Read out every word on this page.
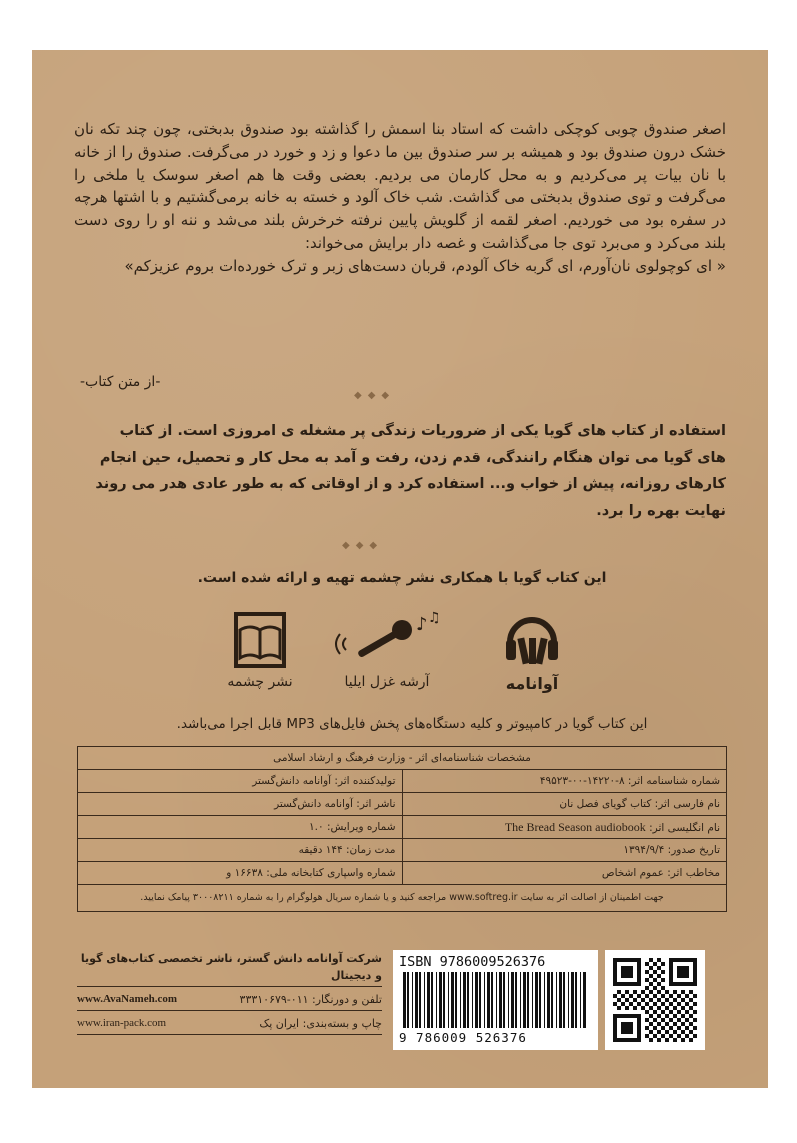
اصغر صندوق چوبی کوچکی داشت که استاد بنا اسمش را گذاشته بود صندوق بدبختی، چون چند تکه نان خشک درون صندوق بود و همیشه بر سر صندوق بین ما دعوا و زد و خورد در می‌گرفت. صندوق را از خانه با نان بیات پر می‌کردیم و به محل کارمان می بردیم. بعضی وقت ها هم اصغر سوسک یا ملخی را می‌گرفت و توی صندوق بدبختی می گذاشت. شب خاک آلود و خسته به خانه برمی‌گشتیم و با اشتها هرچه در سفره بود می خوردیم. اصغر لقمه از گلویش پایین نرفته خرخرش بلند می‌شد و ننه او را روی دست بلند می‌کرد و می‌برد توی جا می‌گذاشت و غصه دار برایش می‌خواند:

« ای کوچولوی نان‌آورم، ای گربه خاک آلودم، قربان دست‌های زبر و ترک خورده‌ات بروم عزیزکم»

-از متن کتاب-
◆◆◆

استفاده از کتاب های گویا یکی از ضروریات زندگی پر مشغله ی امروزی است. از کتاب های گویا می توان هنگام رانندگی، قدم زدن، رفت و آمد به محل کار و تحصیل، حین انجام کارهای روزانه، پیش از خواب و... استفاده کرد و از اوقاتی که به طور عادی هدر می روند نهایت بهره را برد.

◆◆◆
این کتاب گویا با همکاری نشر چشمه تهیه و ارائه شده است.
آوانامه
♪ ♫
آرشه غزل ایلیا
نشر چشمه
این کتاب گویا در کامپیوتر و کلیه دستگاه‌های پخش فایل‌های MP3 قابل اجرا می‌باشد.
مشخصات شناسنامه‌ای اثر - وزارت فرهنگ و ارشاد اسلامی
شماره شناسنامه اثر: ۸-۱۴۲۲۰-۰۰-۴۹۵۲۳
تولیدکننده اثر: آوانامه دانش‌گستر
نام فارسی اثر: کتاب گویای فصل نان
ناشر اثر: آوانامه دانش‌گستر
نام انگلیسی اثر: The Bread Season audiobook
شماره ویرایش: ۱.۰
تاریخ صدور: ۱۳۹۴/۹/۴
مدت زمان: ۱۴۴ دقیقه
مخاطب اثر: عموم اشخاص
شماره واسپاری کتابخانه ملی: ۱۶۶۳۸ و
جهت اطمینان از اصالت اثر به سایت

www.softreg.ir

مراجعه کنید و یا شماره سریال هولوگرام را به شماره ۳۰۰۰۸۲۱۱ پیامک نمایید.
شرکت آوانامه دانش گستر، ناشر تخصصی کتاب‌های گویا و دیجیتال
تلفن و دورنگار: ۰۱۱-۳۳۳۱۰۶۷۹
www.AvaNameh.com
چاپ و بسته‌بندی: ایران پک
www.iran-pack.com
ISBN 9786009526376
9 786009 526376
